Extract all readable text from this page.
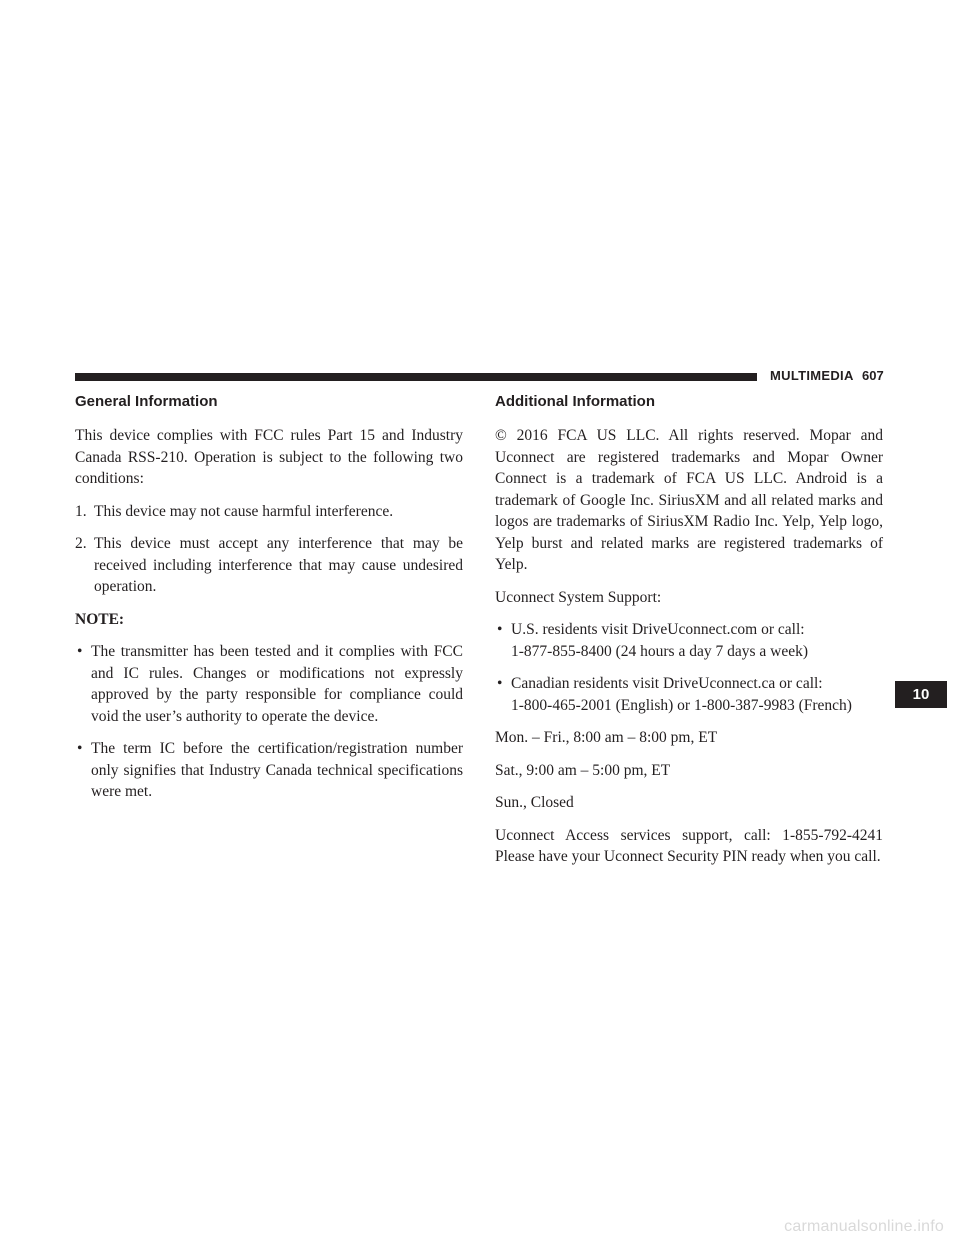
MULTIMEDIA 607
General Information

This device complies with FCC rules Part 15 and Industry Canada RSS-210. Operation is subject to the following two conditions:

1. This device may not cause harmful interference.
2. This device must accept any interference that may be received including interference that may cause undesired operation.
NOTE:
• The transmitter has been tested and it complies with FCC and IC rules. Changes or modifications not expressly approved by the party responsible for compliance could void the user’s authority to operate the device.
• The term IC before the certification/registration number only signifies that Industry Canada technical specifications were met.
Additional Information

© 2016 FCA US LLC. All rights reserved. Mopar and Uconnect are registered trademarks and Mopar Owner Connect is a trademark of FCA US LLC. Android is a trademark of Google Inc. SiriusXM and all related marks and logos are trademarks of SiriusXM Radio Inc. Yelp, Yelp logo, Yelp burst and related marks are registered trademarks of Yelp.

Uconnect System Support:

• U.S. residents visit DriveUconnect.com or call:
1-877-855-8400 (24 hours a day 7 days a week)
• Canadian residents visit DriveUconnect.ca or call:
1-800-465-2001 (English) or 1-800-387-9983 (French)

Mon. – Fri., 8:00 am – 8:00 pm, ET

Sat., 9:00 am – 5:00 pm, ET

Sun., Closed

Uconnect Access services support, call: 1-855-792-4241 Please have your Uconnect Security PIN ready when you call.

10
carmanualsonline.info
